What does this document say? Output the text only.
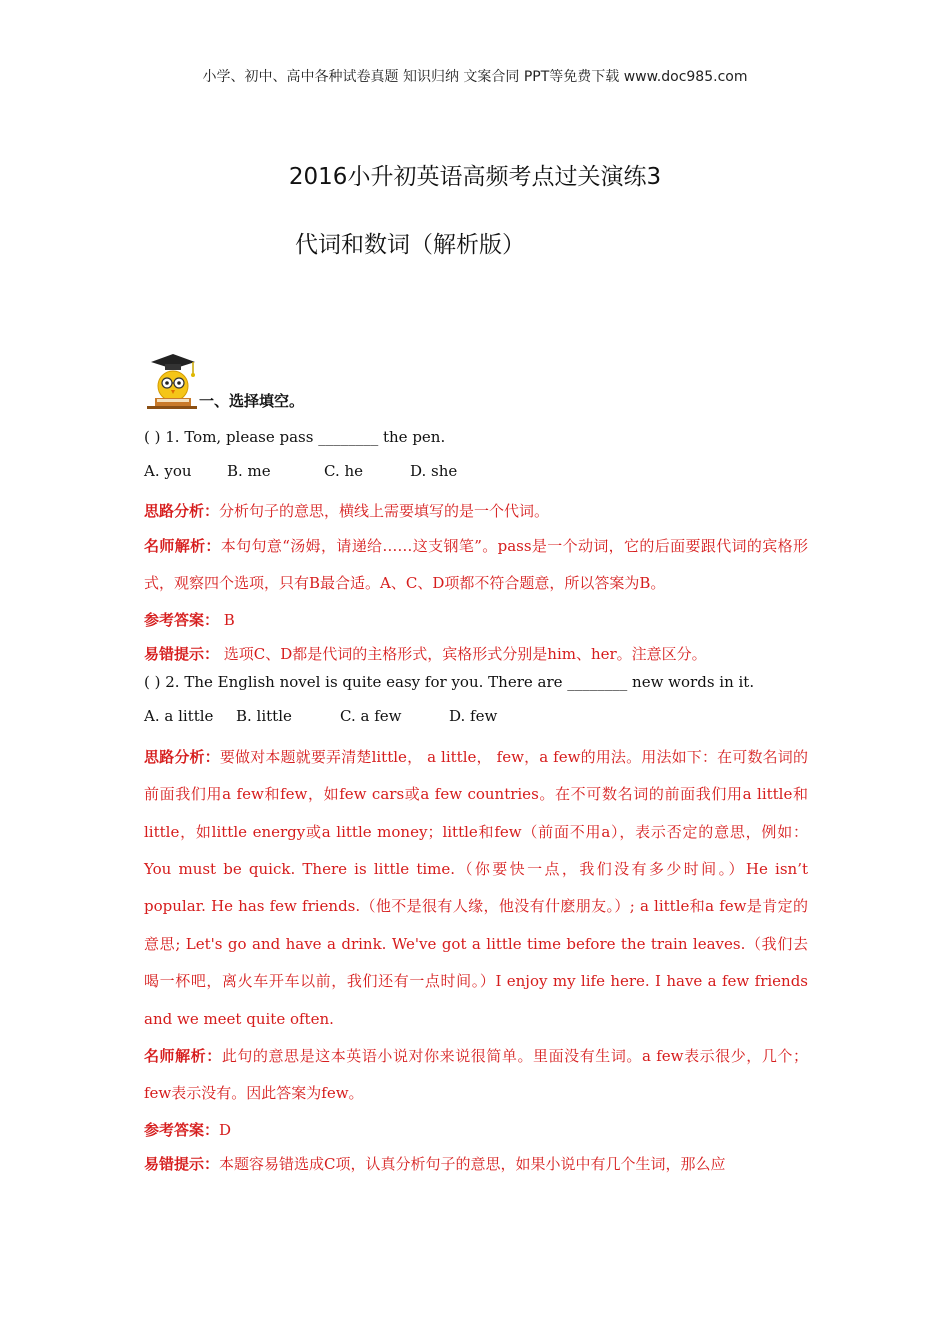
小学、初中、高中各种试卷真题 知识归纳 文案合同 PPT等免费下载 www.doc985.com
2016小升初英语高频考点过关演练3
代词和数词（解析版）
一、选择填空。
( ) 1. Tom, please pass ________ the pen.
A. you B. me	C. he	D. she
思路分析：分析句子的意思，横线上需要填写的是一个代词。
名师解析：本句句意“汤姆，请递给……这支钢笔”。pass是一个动词，它的后面要跟代词的宾格形式，观察四个选项，只有B最合适。A、C、D项都不符合题意，所以答案为B。
参考答案： B
易错提示： 选项C、D都是代词的主格形式，宾格形式分别是him、her。注意区分。
( ) 2. The English novel is quite easy for you. There are ________ new words in it.
A. a little B. little	C. a few	D. few
思路分析：要做对本题就要弄清楚little， a little， few，a few的用法。用法如下：在可数名词的前面我们用a few和few，如few cars或a few countries。在不可数名词的前面我们用a little和little，如little energy或a little money；little和few（前面不用a），表示否定的意思，例如：You must be quick. There is little time.（你要快一点，我们没有多少时间。）He isn’t popular. He has few friends.（他不是很有人缘，他没有什麽朋友。）; a little和a few是肯定的意思; Let's go and have a drink. We've got a little time before the train leaves.（我们去喝一杯吧，离火车开车以前，我们还有一点时间。）I enjoy my life here. I have a few friends and we meet quite often.
名师解析：此句的意思是这本英语小说对你来说很简单。里面没有生词。a few表示很少，几个；few表示没有。因此答案为few。
参考答案：D
易错提示：本题容易错选成C项，认真分析句子的意思，如果小说中有几个生词，那么应
